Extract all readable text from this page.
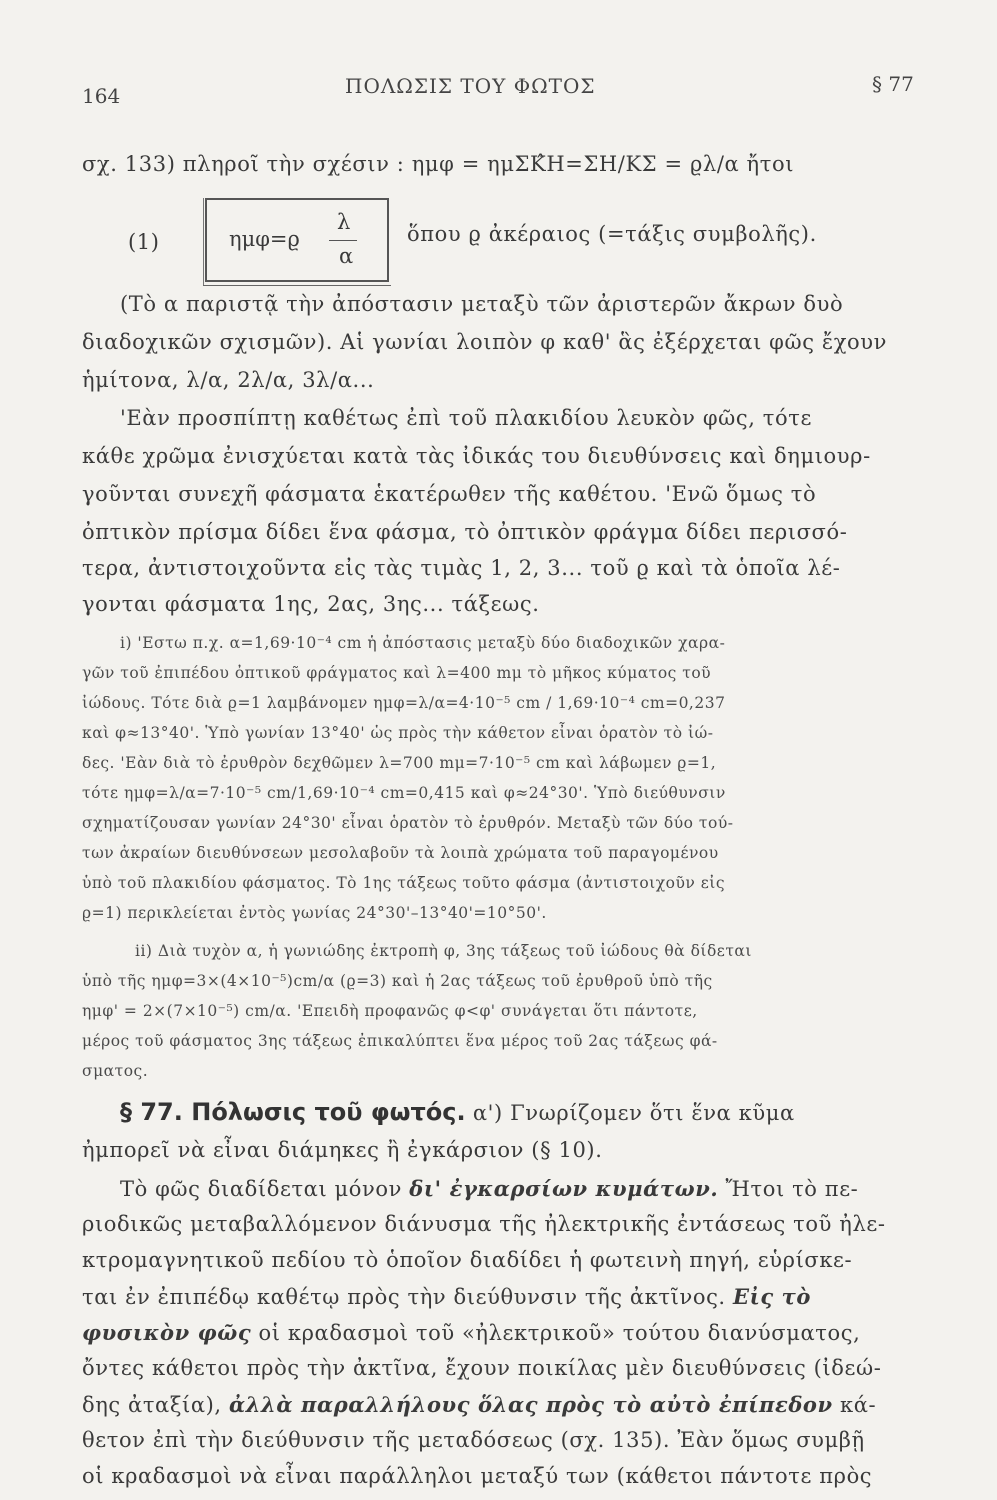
164	ΠΟΛΩΣΙΣ ΤΟΥ ΦΩΤΟΣ	§ 77
σχ. 133) πληροῖ τὴν σχέσιν : ημφ = ημΣΚ̂Η=ΣΗ/ΚΣ = ϱλ/α ἤτοι
(1)	ημφ=ϱ
λ
α
ὅπου ϱ ἀκέραιος (=τάξις συμβολῆς).
(Τὸ α παριστᾷ τὴν ἀπόστασιν μεταξὺ τῶν ἀριστερῶν ἄκρων δυὸ
διαδοχικῶν σχισμῶν). Αἱ γωνίαι λοιπὸν φ καθ' ἃς ἐξέρχεται φῶς ἔχουν
ἡμίτονα, λ/α, 2λ/α, 3λ/α...
'Εὰν προσπίπτῃ καθέτως ἐπὶ τοῦ πλακιδίου λευκὸν φῶς, τότε
κάθε χρῶμα ἐνισχύεται κατὰ τὰς ἰδικάς του διευθύνσεις καὶ δημιουρ-
γοῦνται συνεχῆ φάσματα ἑκατέρωθεν τῆς καθέτου. 'Ενῶ ὅμως τὸ
ὀπτικὸν πρίσμα δίδει ἕνα φάσμα, τὸ ὀπτικὸν φράγμα δίδει περισσό-
τερα, ἀντιστοιχοῦντα εἰς τὰς τιμὰς 1, 2, 3... τοῦ ϱ καὶ τὰ ὁποῖα λέ-
γονται φάσματα 1ης, 2ας, 3ης... τάξεως.
i) 'Εστω π.χ. α=1,69·10⁻⁴ cm ἡ ἀπόστασις μεταξὺ δύο διαδοχικῶν χαρα-
γῶν τοῦ ἐπιπέδου ὀπτικοῦ φράγματος καὶ λ=400 mμ τὸ μῆκος κύματος τοῦ
ἰώδους. Τότε διὰ ϱ=1 λαμβάνομεν ημφ=λ/α=4·10⁻⁵ cm / 1,69·10⁻⁴ cm=0,237
καὶ φ≈13°40'. Ὑπὸ γωνίαν 13°40' ὡς πρὸς τὴν κάθετον εἶναι ὁρατὸν τὸ ἰώ-
δες. 'Εὰν διὰ τὸ ἐρυθρὸν δεχθῶμεν λ=700 mμ=7·10⁻⁵ cm καὶ λάβωμεν ϱ=1,
τότε ημφ=λ/α=7·10⁻⁵ cm/1,69·10⁻⁴ cm=0,415 καὶ φ≈24°30'. Ὑπὸ διεύθυνσιν
σχηματίζουσαν γωνίαν 24°30' εἶναι ὁρατὸν τὸ ἐρυθρόν. Μεταξὺ τῶν δύο τού-
των ἀκραίων διευθύνσεων μεσολαβοῦν τὰ λοιπὰ χρώματα τοῦ παραγομένου
ὑπὸ τοῦ πλακιδίου φάσματος. Τὸ 1ης τάξεως τοῦτο φάσμα (ἀντιστοιχοῦν εἰς
ϱ=1) περικλείεται ἐντὸς γωνίας 24°30'–13°40'=10°50'.
ii) Διὰ τυχὸν α, ἡ γωνιώδης ἐκτροπὴ φ, 3ης τάξεως τοῦ ἰώδους θὰ δίδεται
ὑπὸ τῆς ημφ=3×(4×10⁻⁵)cm/α (ϱ=3) καὶ ἡ 2ας τάξεως τοῦ ἐρυθροῦ ὑπὸ τῆς
ημφ' = 2×(7×10⁻⁵) cm/α. 'Επειδὴ προφανῶς φ<φ' συνάγεται ὅτι πάντοτε,
μέρος τοῦ φάσματος 3ης τάξεως ἐπικαλύπτει ἕνα μέρος τοῦ 2ας τάξεως φά-
σματος.
§ 77. Πόλωσις τοῦ φωτός. α') Γνωρίζομεν ὅτι ἕνα κῦμα
ἠμπορεῖ νὰ εἶναι διάμηκες ἢ ἐγκάρσιον (§ 10).
Τὸ φῶς διαδίδεται μόνον δι' ἐγκαρσίων κυμάτων. Ἤτοι τὸ πε-
ριοδικῶς μεταβαλλόμενον διάνυσμα τῆς ἠλεκτρικῆς ἐντάσεως τοῦ ἠλε-
κτρομαγνητικοῦ πεδίου τὸ ὁποῖον διαδίδει ἡ φωτεινὴ πηγή, εὑρίσκε-
ται ἐν ἐπιπέδῳ καθέτῳ πρὸς τὴν διεύθυνσιν τῆς ἀκτῖνος. Εἰς τὸ
φυσικὸν φῶς οἱ κραδασμοὶ τοῦ «ἠλεκτρικοῦ» τούτου διανύσματος,
ὄντες κάθετοι πρὸς τὴν ἀκτῖνα, ἔχουν ποικίλας μὲν διευθύνσεις (ἰδεώ-
δης ἀταξία), ἀλλὰ παραλλήλους ὅλας πρὸς τὸ αὐτὸ ἐπίπεδον κά-
θετον ἐπὶ τὴν διεύθυνσιν τῆς μεταδόσεως (σχ. 135). Ἐὰν ὅμως συμβῇ
οἱ κραδασμοὶ νὰ εἶναι παράλληλοι μεταξύ των (κάθετοι πάντοτε πρὸς
